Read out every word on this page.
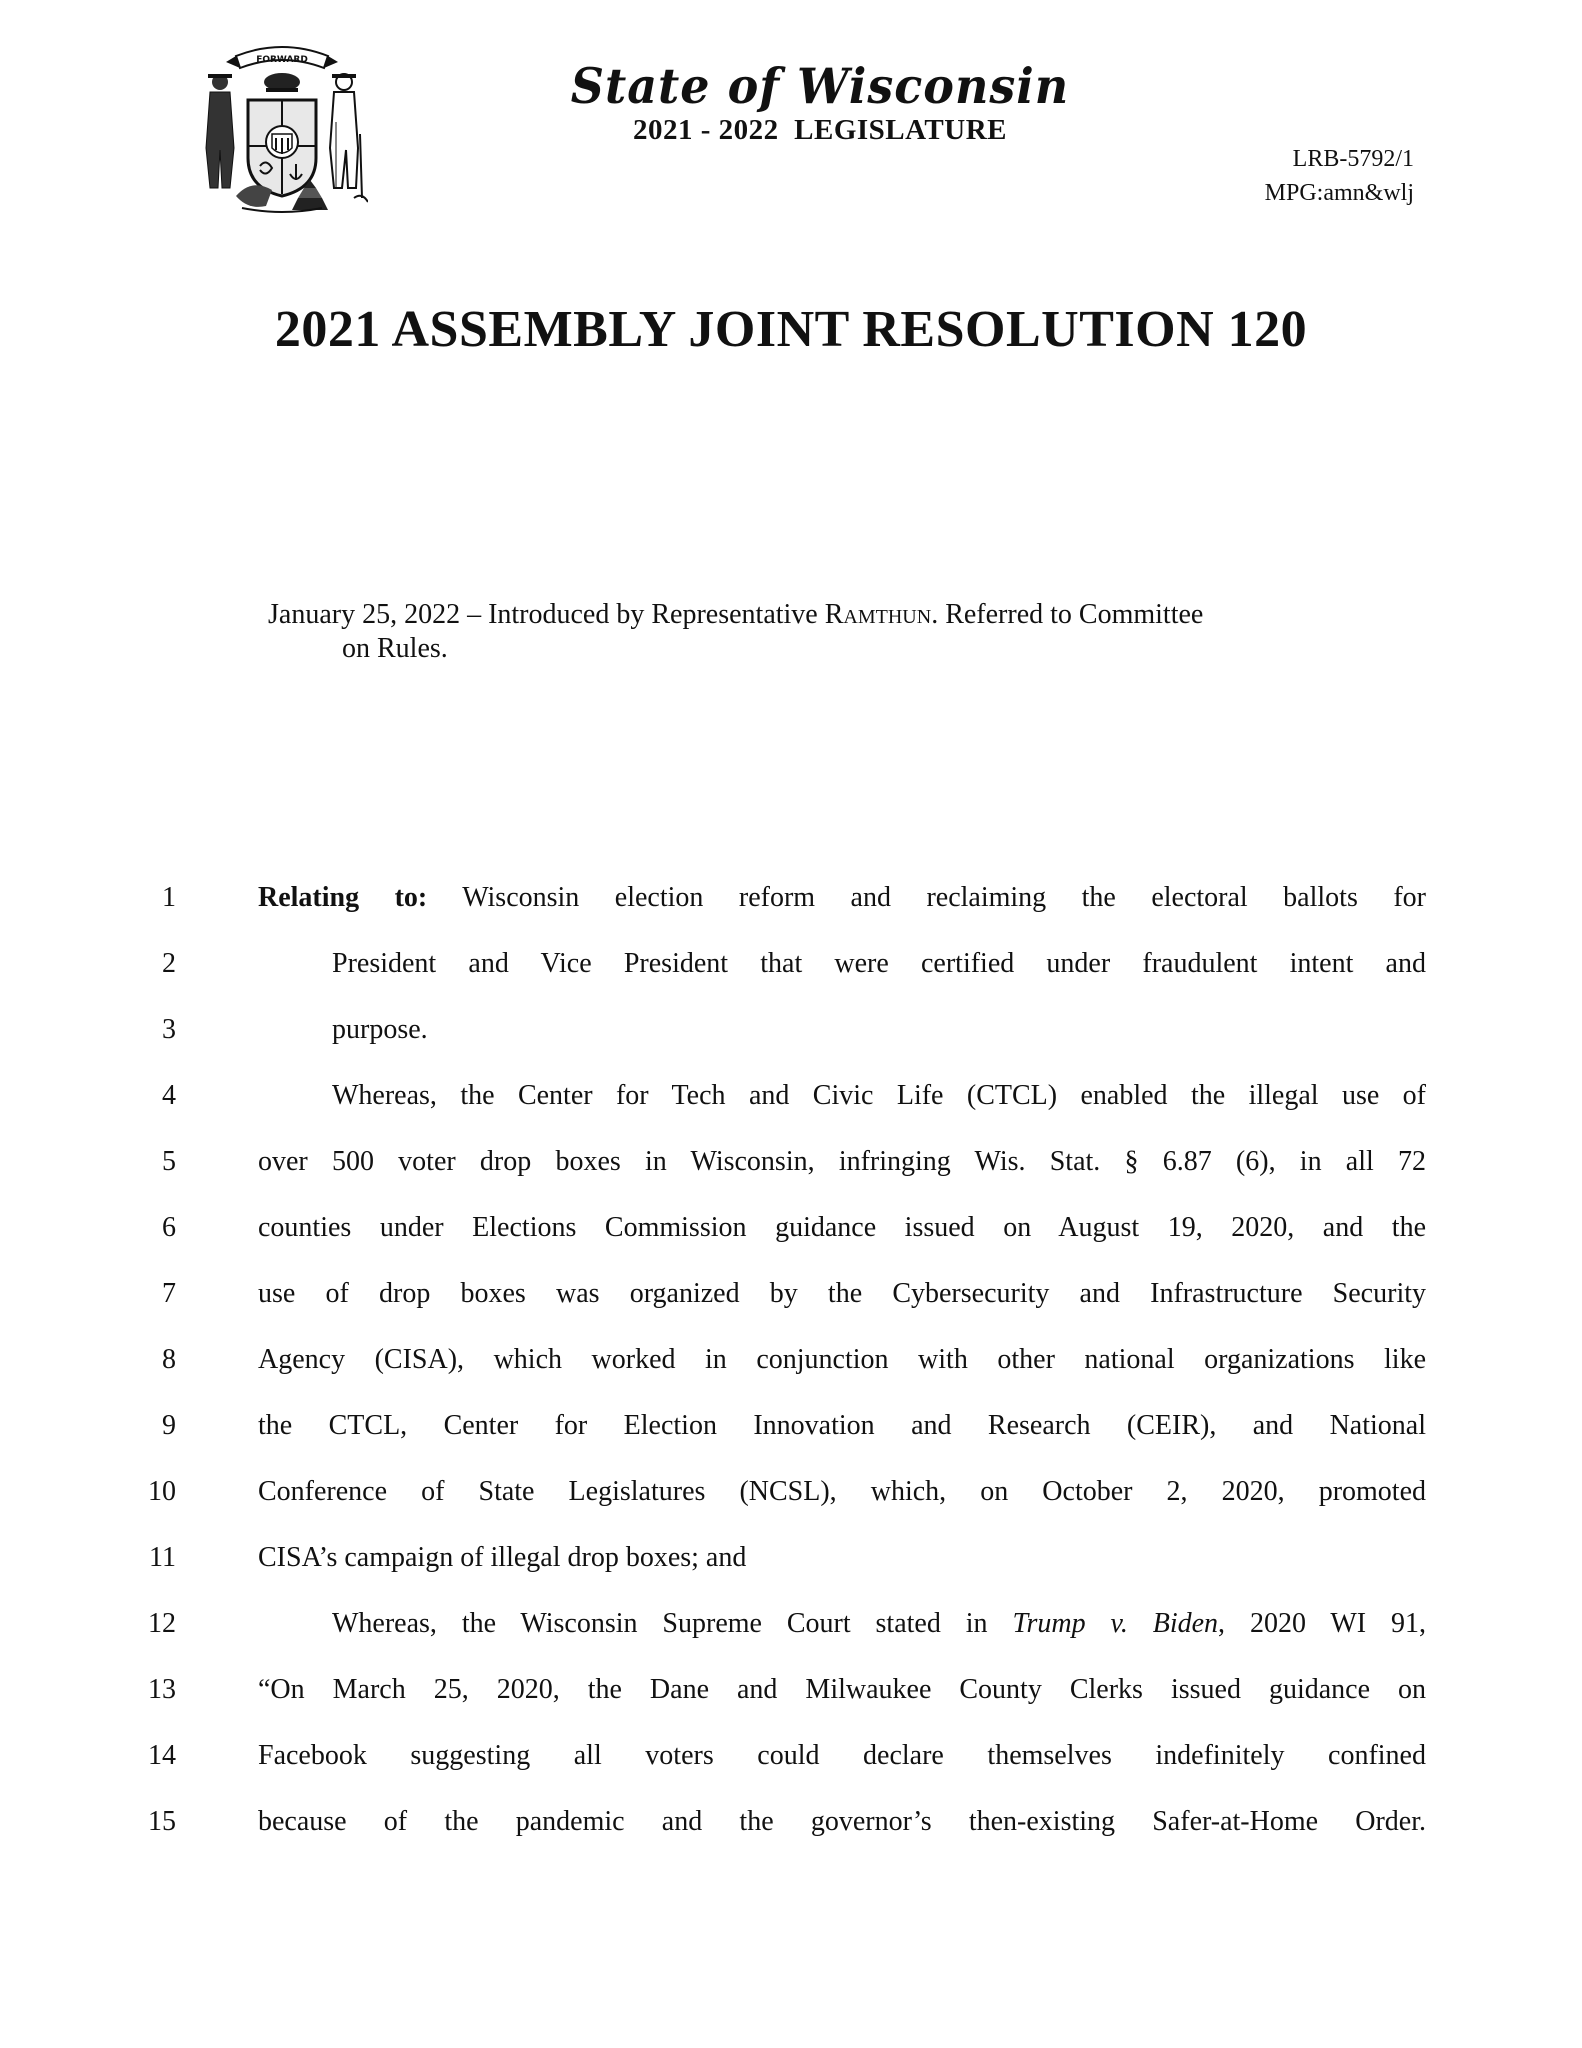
FORWARD	State of Wisconsin
2021 - 2022  LEGISLATURE
LRB-5792/1
MPG:amn&wlj
2021 ASSEMBLY JOINT RESOLUTION 120
January 25, 2022 – Introduced by Representative Ramthun. Referred to Committee
on Rules.
1	Relating to: Wisconsin election reform and reclaiming the electoral ballots for
2	President and Vice President that were certified under fraudulent intent and
3	purpose.
4	Whereas, the Center for Tech and Civic Life (CTCL) enabled the illegal use of
5	over 500 voter drop boxes in Wisconsin, infringing Wis. Stat. § 6.87 (6), in all 72
6	counties under Elections Commission guidance issued on August 19, 2020, and the
7	use of drop boxes was organized by the Cybersecurity and Infrastructure Security
8	Agency (CISA), which worked in conjunction with other national organizations like
9	the CTCL, Center for Election Innovation and Research (CEIR), and National
10	Conference of State Legislatures (NCSL), which, on October 2, 2020, promoted
11	CISA’s campaign of illegal drop boxes; and
12	Whereas, the Wisconsin Supreme Court stated in Trump v. Biden, 2020 WI 91,
13	“On March 25, 2020, the Dane and Milwaukee County Clerks issued guidance on
14	Facebook suggesting all voters could declare themselves indefinitely confined
15	because of the pandemic and the governor’s then-existing Safer-at-Home Order.
